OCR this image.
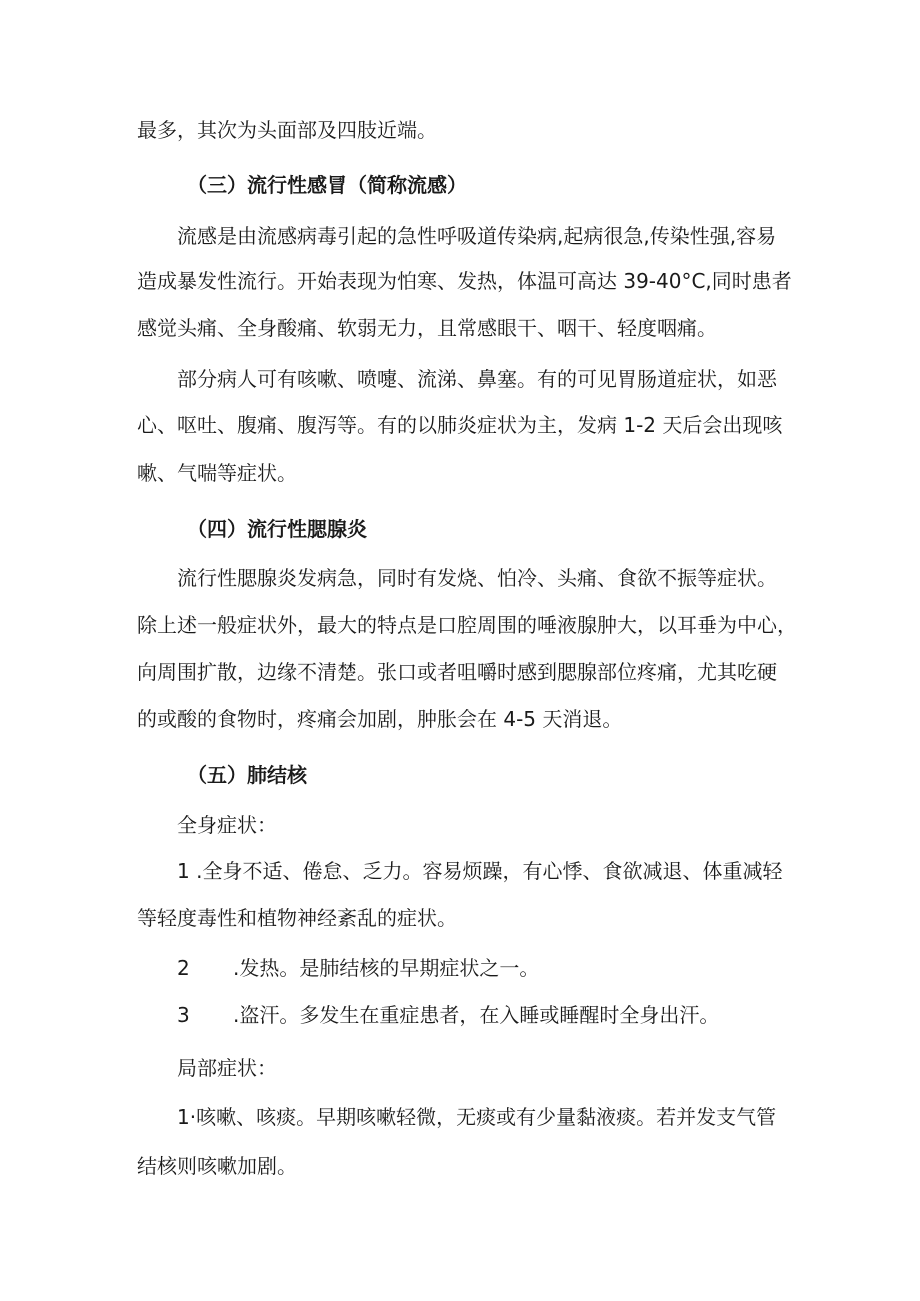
最多，其次为头面部及四肢近端。
（三）流行性感冒（简称流感）
流感是由流感病毒引起的急性呼吸道传染病,起病很急,传染性强,容易
造成暴发性流行。开始表现为怕寒、发热，体温可高达 39-40°C,同时患者
感觉头痛、全身酸痛、软弱无力，且常感眼干、咽干、轻度咽痛。
部分病人可有咳嗽、喷嚏、流涕、鼻塞。有的可见胃肠道症状，如恶
心、呕吐、腹痛、腹泻等。有的以肺炎症状为主，发病 1-2 天后会出现咳
嗽、气喘等症状。
（四）流行性腮腺炎
流行性腮腺炎发病急，同时有发烧、怕冷、头痛、食欲不振等症状。
除上述一般症状外，最大的特点是口腔周围的唾液腺肿大，以耳垂为中心，
向周围扩散，边缘不清楚。张口或者咀嚼时感到腮腺部位疼痛，尤其吃硬
的或酸的食物时，疼痛会加剧，肿胀会在 4-5 天消退。
（五）肺结核
全身症状：
1 .全身不适、倦怠、乏力。容易烦躁，有心悸、食欲减退、体重减轻
等轻度毒性和植物神经紊乱的症状。
2 .发热。是肺结核的早期症状之一。
3 .盗汗。多发生在重症患者，在入睡或睡醒时全身出汗。
局部症状：
1·咳嗽、咳痰。早期咳嗽轻微，无痰或有少量黏液痰。若并发支气管
结核则咳嗽加剧。
